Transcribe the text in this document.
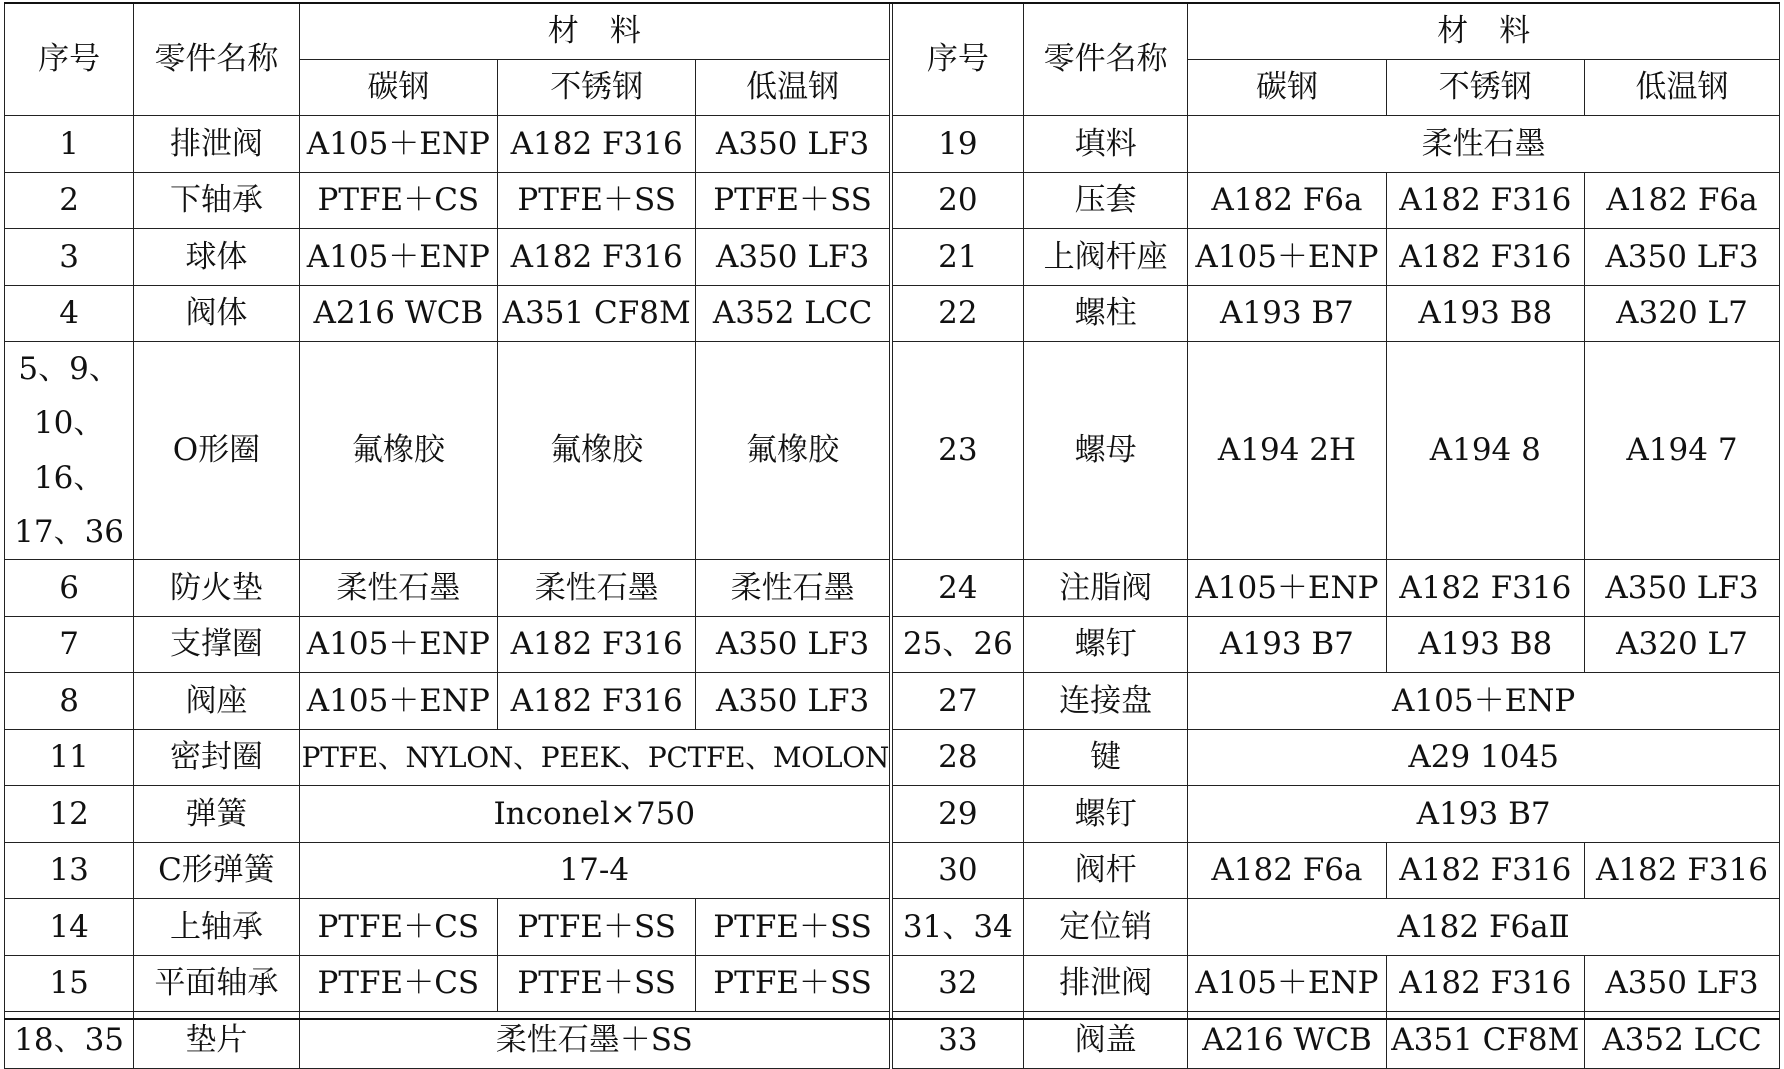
序号	零件名称	材　料			序号	零件名称	材　料		
		碳钢	不锈钢	低温钢			碳钢	不锈钢	低温钢
1	排泄阀	A105＋ENP	A182 F316	A350 LF3	19	填料	柔性石墨		
2	下轴承	PTFE＋CS	PTFE＋SS	PTFE＋SS	20	压套	A182 F6a	A182 F316	A182 F6a
3	球体	A105＋ENP	A182 F316	A350 LF3	21	上阀杆座	A105＋ENP	A182 F316	A350 LF3
4	阀体	A216 WCB	A351 CF8M	A352 LCC	22	螺柱	A193 B7	A193 B8	A320 L7
5、9、10、16、17、36	O形圈	氟橡胶	氟橡胶	氟橡胶	23	螺母	A194 2H	A194 8	A194 7
6	防火垫	柔性石墨	柔性石墨	柔性石墨	24	注脂阀	A105＋ENP	A182 F316	A350 LF3
7	支撑圈	A105＋ENP	A182 F316	A350 LF3	25、26	螺钉	A193 B7	A193 B8	A320 L7
8	阀座	A105＋ENP	A182 F316	A350 LF3	27	连接盘	A105＋ENP		
11	密封圈	PTFE、NYLON、PEEK、PCTFE、MOLON			28	键	A29 1045		
12	弹簧	Inconel×750			29	螺钉	A193 B7		
13	C形弹簧	17-4			30	阀杆	A182 F6a	A182 F316	A182 F316
14	上轴承	PTFE＋CS	PTFE＋SS	PTFE＋SS	31、34	定位销	A182 F6aⅡ		
15	平面轴承	PTFE＋CS	PTFE＋SS	PTFE＋SS	32	排泄阀	A105＋ENP	A182 F316	A350 LF3
18、35	垫片	柔性石墨＋SS			33	阀盖	A216 WCB	A351 CF8M	A352 LCC
